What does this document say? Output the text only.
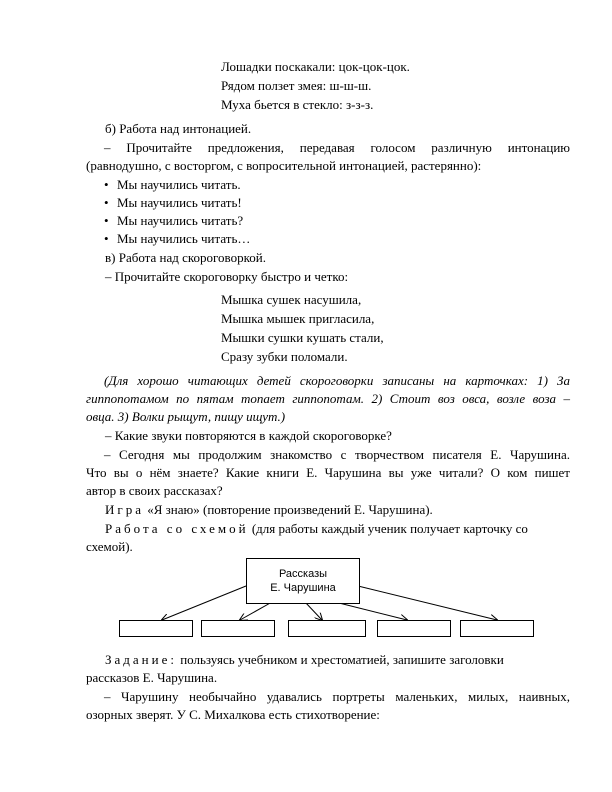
Лошадки поскакали: цок-цок-цок.
Рядом ползет змея: ш-ш-ш.
Муха бьется в стекло: з-з-з.
б) Работа над интонацией.
– Прочитайте предложения, передавая голосом различную интонацию
(равнодушно, с восторгом, с вопросительной интонацией, растерянно):
• Мы научились читать.
• Мы научились читать!
• Мы научились читать?
• Мы научились читать…
в) Работа над скороговоркой.
– Прочитайте скороговорку быстро и четко:
Мышка сушек насушила,
Мышка мышек пригласила,
Мышки сушки кушать стали,
Сразу зубки поломали.
(Для хорошо читающих детей скороговорки записаны на карточках: 1) За
гиппопотамом по пятам топает гиппопотам. 2) Стоит воз овса, возле воза –
овца. 3) Волки рыщут, пищу ищут.)
– Какие звуки повторяются в каждой скороговорке?
– Сегодня мы продолжим знакомство с творчеством писателя Е. Чарушина.
Что вы о нём знаете? Какие книги Е. Чарушина вы уже читали? О ком пишет
автор в своих рассказах?
Игра «Я знаю» (повторение произведений Е. Чарушина).
Работа со схемой (для работы каждый ученик получает карточку со
схемой).
Рассказы
Е. Чарушина
Задание: пользуясь учебником и хрестоматией, запишите заголовки
рассказов Е. Чарушина.
– Чарушину необычайно удавались портреты маленьких, милых, наивных,
озорных зверят. У С. Михалкова есть стихотворение:
